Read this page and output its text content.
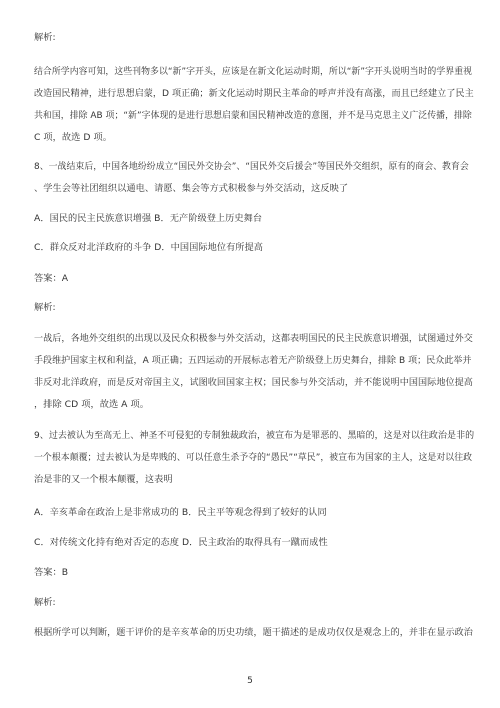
解析:
结合所学内容可知，这些刊物多以“新”字开头，应该是在新文化运动时期，所以“新”字开头说明当时的学界重视
改造国民精神，进行思想启蒙，D 项正确；新文化运动时期民主革命的呼声并没有高涨，而且已经建立了民主
共和国，排除 AB 项；“新”字体现的是进行思想启蒙和国民精神改造的意图，并不是马克思主义广泛传播，排除
C 项，故选 D 项。
8、一战结束后，中国各地纷纷成立“国民外交协会”、“国民外交后援会”等国民外交组织，原有的商会、教育会
、学生会等社团组织以通电、请愿、集会等方式积极参与外交活动，这反映了
A．国民的民主民族意识增强 B．无产阶级登上历史舞台
C．群众反对北洋政府的斗争 D．中国国际地位有所提高
答案：A
解析:
一战后，各地外交组织的出现以及民众积极参与外交活动，这都表明国民的民主民族意识增强，试图通过外交
手段维护国家主权和利益，A 项正确；五四运动的开展标志着无产阶级登上历史舞台，排除 B 项；民众此举并
非反对北洋政府，而是反对帝国主义，试图收回国家主权；国民参与外交活动，并不能说明中国国际地位提高
，排除 CD 项，故选 A 项。
9、过去被认为至高无上、神圣不可侵犯的专制独裁政治，被宣布为是罪恶的、黑暗的，这是对以往政治是非的
一个根本颠覆；过去被认为是卑贱的、可以任意生杀予夺的“愚民”“草民”，被宣布为国家的主人，这是对以往政
治是非的又一个根本颠覆，这表明
A．辛亥革命在政治上是非常成功的 B．民主平等观念得到了较好的认同
C．对传统文化持有绝对否定的态度 D．民主政治的取得具有一蹴而成性
答案：B
解析:
根据所学可以判断，题干评价的是辛亥革命的历史功绩，题干描述的是成功仅仅是观念上的，并非在显示政治
5
